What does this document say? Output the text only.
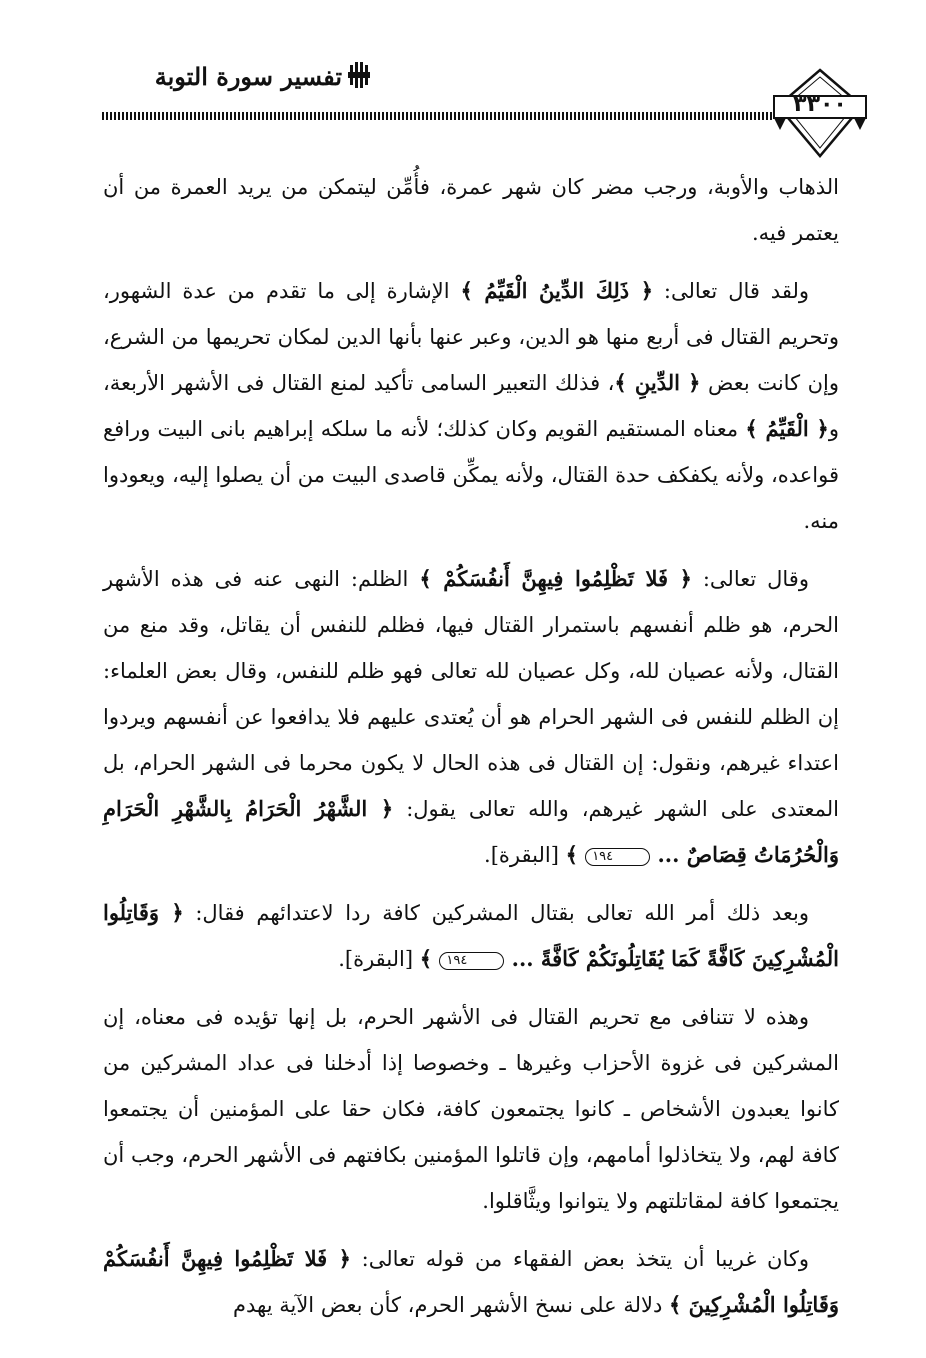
تفسير سورة التوبة
٣٣٠٠

الذهاب والأوبة، ورجب مضر كان شهر عمرة، فأُمِّن ليتمكن من يريد العمرة من أن يعتمر فيه.

ولقد قال تعالى: ﴿ ذَلِكَ الدِّينُ الْقَيِّمُ ﴾ الإشارة إلى ما تقدم من عدة الشهور، وتحريم القتال فى أربع منها هو الدين، وعبر عنها بأنها الدين لمكان تحريمها من الشرع، وإن كانت بعض ﴿ الدِّينِ ﴾، فذلك التعبير السامى تأكيد لمنع القتال فى الأشهر الأربعة، و﴿ الْقَيِّمُ ﴾ معناه المستقيم القويم وكان كذلك؛ لأنه ما سلكه إبراهيم بانى البيت ورافع قواعده، ولأنه يكفكف حدة القتال، ولأنه يمكِّن قاصدى البيت من أن يصلوا إليه، ويعودوا منه.

وقال تعالى: ﴿ فَلا تَظْلِمُوا فِيهِنَّ أَنفُسَكُمْ ﴾ الظلم: النهى عنه فى هذه الأشهر الحرم، هو ظلم أنفسهم باستمرار القتال فيها، فظلم للنفس أن يقاتل، وقد منع من القتال، ولأنه عصيان لله، وكل عصيان لله تعالى فهو ظلم للنفس، وقال بعض العلماء: إن الظلم للنفس فى الشهر الحرام هو أن يُعتدى عليهم فلا يدافعوا عن أنفسهم ويردوا اعتداء غيرهم، ونقول: إن القتال فى هذه الحال لا يكون محرما فى الشهر الحرام، بل المعتدى على الشهر غيرهم، والله تعالى يقول: ﴿ الشَّهْرُ الْحَرَامُ بِالشَّهْرِ الْحَرَامِ وَالْحُرُمَاتُ قِصَاصٌ ... ١٩٤ ﴾ [البقرة].

وبعد ذلك أمر الله تعالى بقتال المشركين كافة ردا لاعتدائهم فقال: ﴿ وَقَاتِلُوا الْمُشْرِكِينَ كَافَّةً كَمَا يُقَاتِلُونَكُمْ كَافَّةً ... ١٩٤ ﴾ [البقرة].

وهذه لا تتنافى مع تحريم القتال فى الأشهر الحرم، بل إنها تؤيده فى معناه، إن المشركين فى غزوة الأحزاب وغيرها ـ وخصوصا إذا أدخلنا فى عداد المشركين من كانوا يعبدون الأشخاص ـ كانوا يجتمعون كافة، فكان حقا على المؤمنين أن يجتمعوا كافة لهم، ولا يتخاذلوا أمامهم، وإن قاتلوا المؤمنين بكافتهم فى الأشهر الحرم، وجب أن يجتمعوا كافة لمقاتلتهم ولا يتوانوا ويثَّاقلوا.

وكان غريبا أن يتخذ بعض الفقهاء من قوله تعالى: ﴿ فَلا تَظْلِمُوا فِيهِنَّ أَنفُسَكُمْ وَقَاتِلُوا الْمُشْرِكِينَ ﴾ دلالة على نسخ الأشهر الحرم، كأن بعض الآية يهدم
